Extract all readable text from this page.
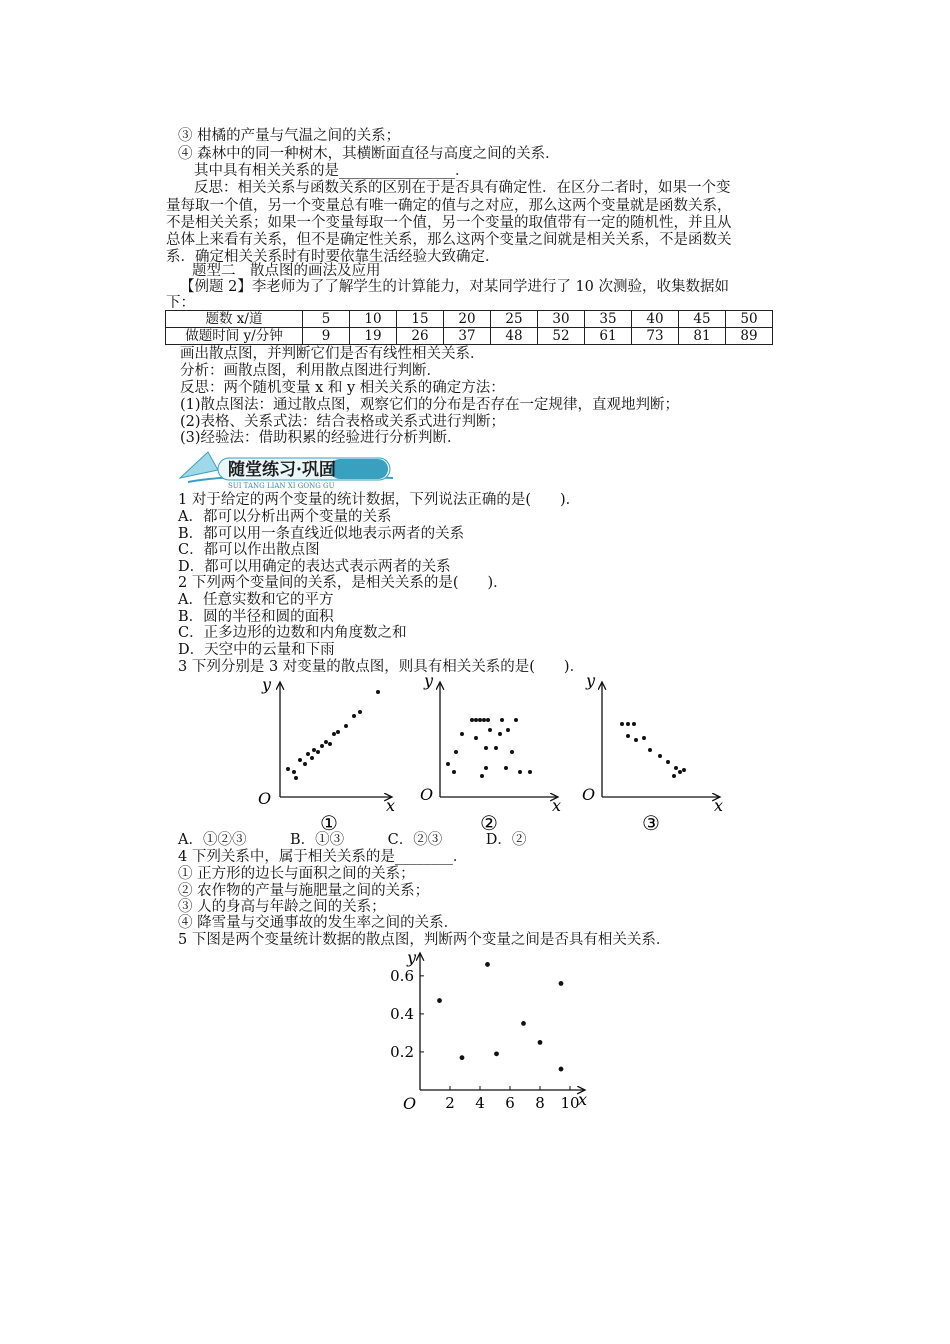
③ 柑橘的产量与气温之间的关系；
④ 森林中的同一种树木，其横断面直径与高度之间的关系．
其中具有相关关系的是________________．
反思：相关关系与函数关系的区别在于是否具有确定性．在区分二者时，如果一个变
量每取一个值，另一个变量总有唯一确定的值与之对应，那么这两个变量就是函数关系，
不是相关关系；如果一个变量每取一个值，另一个变量的取值带有一定的随机性，并且从
总体上来看有关系，但不是确定性关系，那么这两个变量之间就是相关关系，不是函数关
系．确定相关关系时有时要依靠生活经验大致确定．
题型二　散点图的画法及应用
【例题 2】李老师为了了解学生的计算能力，对某同学进行了 10 次测验，收集数据如
下：
题数 x/道	5	10	15	20	25	30	35	40	45	50
做题时间 y/分钟	9	19	26	37	48	52	61	73	81	89
画出散点图，并判断它们是否有线性相关关系．
分析：画散点图，利用散点图进行判断．
反思：两个随机变量 x 和 y 相关关系的确定方法：
(1)散点图法：通过散点图，观察它们的分布是否存在一定规律，直观地判断；
(2)表格、关系式法：结合表格或关系式进行判断；
(3)经验法：借助积累的经验进行分析判断．
随堂练习·巩固
SUI TANG LIAN XI GONG GU
1 对于给定的两个变量的统计数据，下列说法正确的是(　　)．
A．都可以分析出两个变量的关系
B．都可以用一条直线近似地表示两者的关系
C．都可以作出散点图
D．都可以用确定的表达式表示两者的关系
2 下列两个变量间的关系，是相关关系的是(　　)．
A．任意实数和它的平方
B．圆的半径和圆的面积
C．正多边形的边数和内角度数之和
D．天空中的云量和下雨
3 下列分别是 3 对变量的散点图，则具有相关关系的是(　　)．
O	x
y
①
O
x
y
②
O
x
y
③
A．①②③　　　B．①③　　　C．②③　　　D．②
4 下列关系中，属于相关关系的是________．
① 正方形的边长与面积之间的关系；
② 农作物的产量与施肥量之间的关系；
③ 人的身高与年龄之间的关系；
④ 降雪量与交通事故的发生率之间的关系．
5 下图是两个变量统计数据的散点图，判断两个变量之间是否具有相关关系．
O	x
y
2 4 6 8 10
0.2
0.4
0.6
